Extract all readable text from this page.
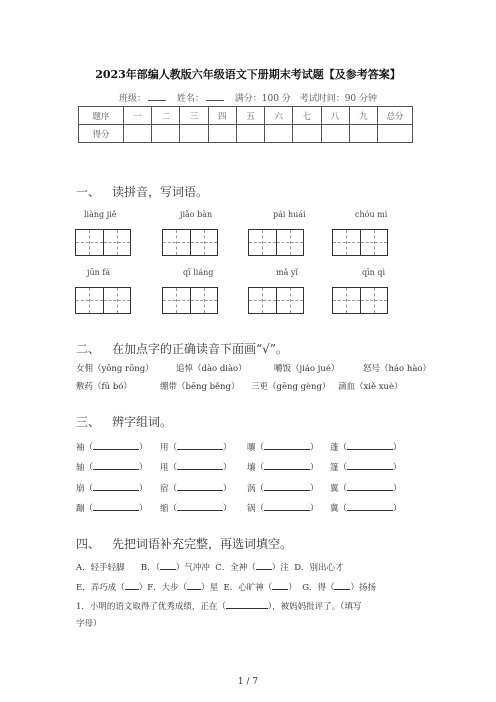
2023年部编人教版六年级语文下册期末考试题【及参考答案】
班级：	姓名：	满分：100 分 考试时间：90 分钟
题序	一	二	三	四	五	六	七	八	九	总分
得分										
一、 读拼音，写词语。
liàng jiě	jiǎo bàn	pái huái	chóu mì
jūn fá	qī liáng	mǎ yǐ	qīn qì
二、 在加点字的正确读音下面画“√”。
女佣（yōng rōng）	追悼（dào diào）	嚼饭（jiáo jué）	怒号（háo hào）
敷药（fū bó）	绷带（bēng běng） 三更（gēng gèng） 滴血（xiě xuè）
三、 辨字组词。
袖（	） 用（	） 嚷（	） 蓬（	）
轴（	） 甩（	） 壤（	） 篷（	）
崩（	） 宿（	） 涡（	） 翼（	）
蹦（	） 缩（	） 锅（	） 冀（	）
四、 先把词语补充完整，再选词填空。
A．轻手轻脚 B．（ ）气冲冲 C．全神（ ）注 D．别出心才
E．弄巧成（ ）F．大步（ ）星 E．心旷神（ ） G．得（ ）扬扬
1．小明的语文取得了优秀成绩，正在（	），被妈妈批评了。（填写
字母）
1 / 7
